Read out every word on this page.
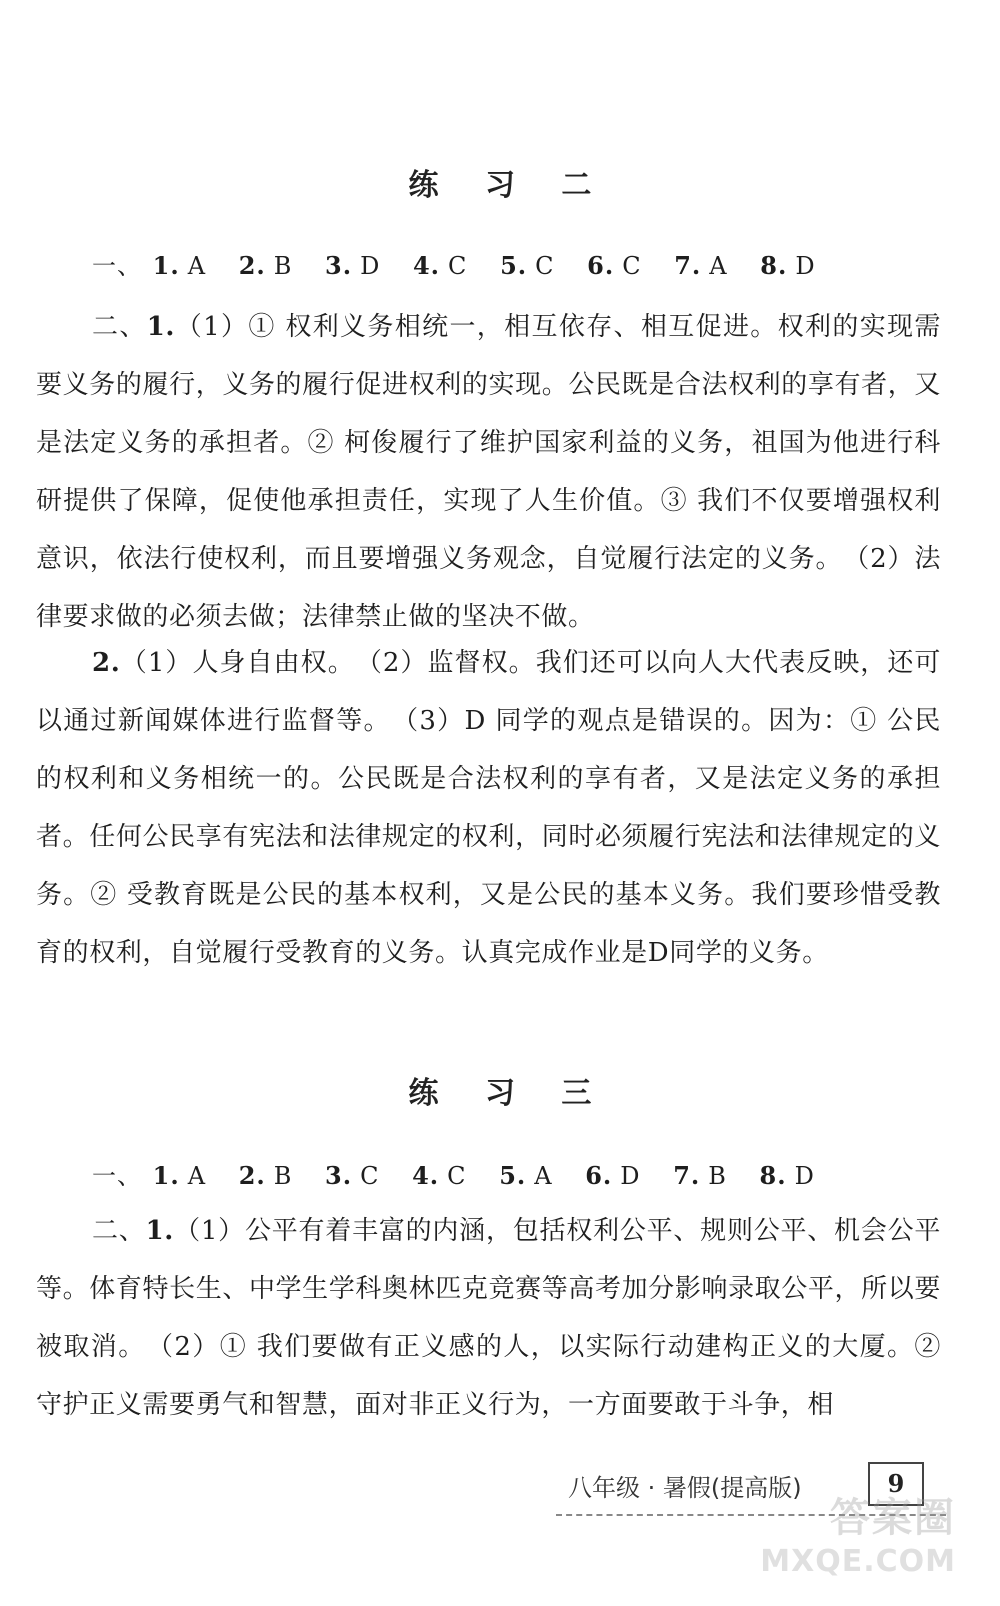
练 习 二
一、 1. A 2. B 3. D 4. C 5. C 6. C 7. A 8. D
二、1.（1）① 权利义务相统一，相互依存、相互促进。权利的实现需要义务的履行，义务的履行促进权利的实现。公民既是合法权利的享有者，又是法定义务的承担者。② 柯俊履行了维护国家利益的义务，祖国为他进行科研提供了保障，促使他承担责任，实现了人生价值。③ 我们不仅要增强权利意识，依法行使权利，而且要增强义务观念，自觉履行法定的义务。　（2）法律要求做的必须去做；法律禁止做的坚决不做。
2.（1）人身自由权。　（2）监督权。我们还可以向人大代表反映，还可以通过新闻媒体进行监督等。　（3）D 同学的观点是错误的。因为：① 公民的权利和义务相统一的。公民既是合法权利的享有者，又是法定义务的承担者。任何公民享有宪法和法律规定的权利，同时必须履行宪法和法律规定的义务。② 受教育既是公民的基本权利，又是公民的基本义务。我们要珍惜受教育的权利，自觉履行受教育的义务。认真完成作业是D同学的义务。
练 习 三
一、 1. A 2. B 3. C 4. C 5. A 6. D 7. B 8. D
二、1.（1）公平有着丰富的内涵，包括权利公平、规则公平、机会公平等。体育特长生、中学生学科奥林匹克竞赛等高考加分影响录取公平，所以要被取消。　（2）① 我们要做有正义感的人，以实际行动建构正义的大厦。② 守护正义需要勇气和智慧，面对非正义行为，一方面要敢于斗争，相
八年级 · 暑假(提高版)	9
答案圈
MXQE.COM
